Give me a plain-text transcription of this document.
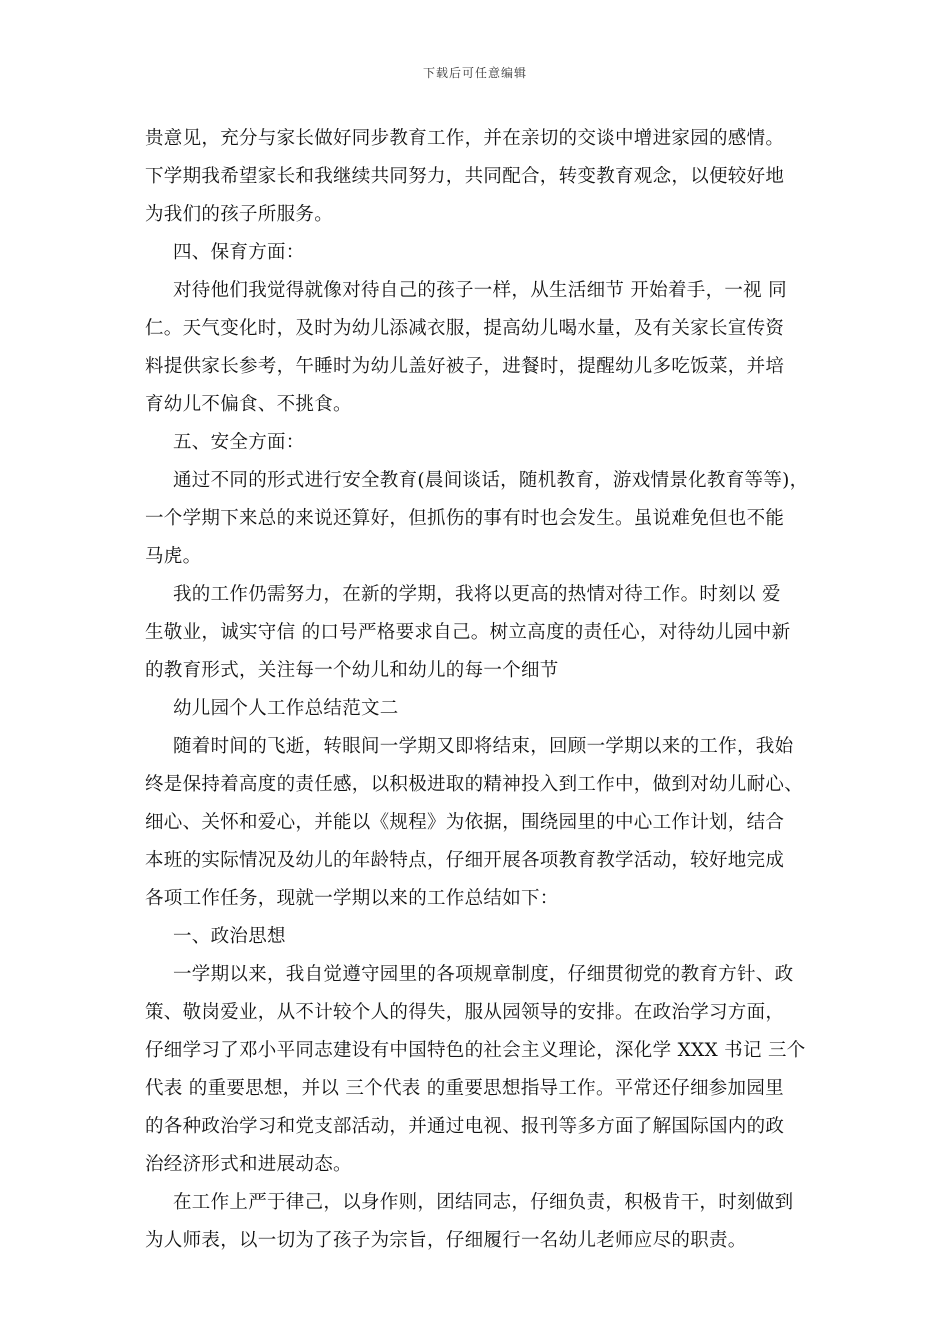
下载后可任意编辑
贵意见，充分与家长做好同步教育工作，并在亲切的交谈中增进家园的感情。
下学期我希望家长和我继续共同努力，共同配合，转变教育观念，以便较好地
为我们的孩子所服务。
四、保育方面：
对待他们我觉得就像对待自己的孩子一样，从生活细节 开始着手，一视 同
仁。天气变化时，及时为幼儿添减衣服，提高幼儿喝水量，及有关家长宣传资
料提供家长参考，午睡时为幼儿盖好被子，进餐时，提醒幼儿多吃饭菜，并培
育幼儿不偏食、不挑食。
五、安全方面：
通过不同的形式进行安全教育(晨间谈话，随机教育，游戏情景化教育等等)，
一个学期下来总的来说还算好，但抓伤的事有时也会发生。虽说难免但也不能
马虎。
我的工作仍需努力，在新的学期，我将以更高的热情对待工作。时刻以 爱
生敬业，诚实守信 的口号严格要求自己。树立高度的责任心，对待幼儿园中新
的教育形式，关注每一个幼儿和幼儿的每一个细节
幼儿园个人工作总结范文二
随着时间的飞逝，转眼间一学期又即将结束，回顾一学期以来的工作，我始
终是保持着高度的责任感，以积极进取的精神投入到工作中，做到对幼儿耐心、
细心、关怀和爱心，并能以《规程》为依据，围绕园里的中心工作计划，结合
本班的实际情况及幼儿的年龄特点，仔细开展各项教育教学活动，较好地完成
各项工作任务，现就一学期以来的工作总结如下：
一、政治思想
一学期以来，我自觉遵守园里的各项规章制度，仔细贯彻党的教育方针、政
策、敬岗爱业，从不计较个人的得失，服从园领导的安排。在政治学习方面，
仔细学习了邓小平同志建设有中国特色的社会主义理论，深化学 XXX 书记 三个
代表 的重要思想，并以 三个代表 的重要思想指导工作。平常还仔细参加园里
的各种政治学习和党支部活动，并通过电视、报刊等多方面了解国际国内的政
治经济形式和进展动态。
在工作上严于律己，以身作则，团结同志，仔细负责，积极肯干，时刻做到
为人师表，以一切为了孩子为宗旨，仔细履行一名幼儿老师应尽的职责。
